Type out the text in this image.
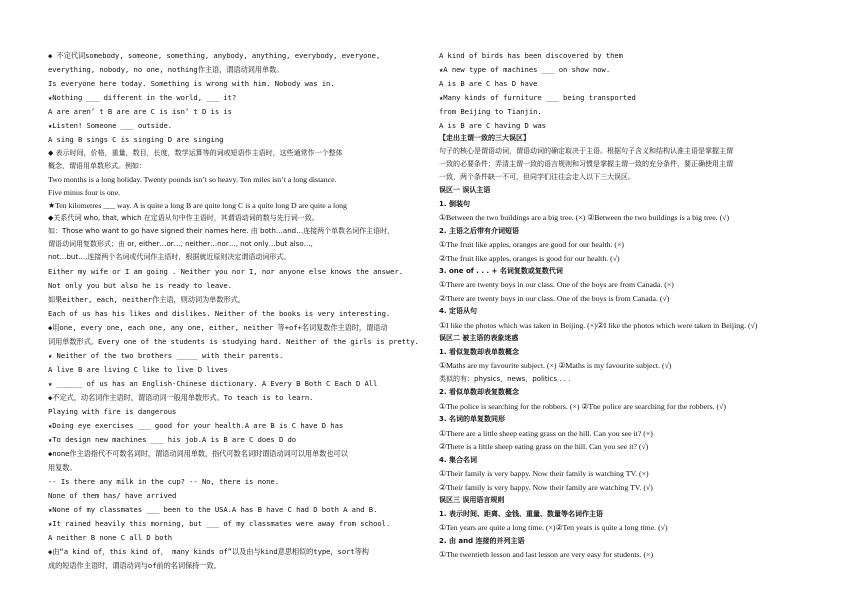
◆ 不定代词somebody, someone, something, anybody, anything, everybody, everyone,
everything, nobody, no one, nothing作主语，谓语动词用单数。
Is everyone here today. Something is wrong with him. Nobody was in.
★Nothing ___ different in the world, ___ it?
A are aren’ t B are are C is isn’ t D is is
★Listen! Someone ___ outside.
A sing B sings C is singing D are singing
◆ 表示时间，价格，重量，数目，长度，数学运算等的词或短语作主语时，这些通常作一个整体
概念，谓语用单数形式。例如：
Two months is a long holiday. Twenty pounds isn’t so heavy. Ten miles isn’t a long distance.
Five minus four is one.
★Ten kilometres ___ way. A is quite a long B are quite long C is a quite long D are quite a long
◆关系代词 who, that, which 在定语从句中作主语时，其谓语动词的数与先行词一致。
如：Those who want to go have signed their names here. 由 both…and…连接两个单数名词作主语时，
谓语动词用复数形式；由 or, either…or…, neither…nor…, not only…but also…,
not…but…,连接两个名词或代词作主语时，根据就近原则决定谓语动词形式。
Either my wife or I am going . Neither you nor I, nor anyone else knows the answer.
Not only you but also he is ready to leave.
如果either, each, neither作主语，则动词为单数形式。
Each of us has his likes and dislikes. Neither of the books is very interesting.
◆用one, every one, each one, any one, either, neither 等+of+名词复数作主语时，谓语动
词用单数形式。Every one of the students is studying hard. Neither of the girls is pretty.
★ Neither of the two brothers _____ with their parents.
A live B are living C like to live D lives
★ ______ of us has an English-Chinese dictionary. A Every B Both C Each D All
◆不定式，动名词作主语时，谓语动词一般用单数形式。To teach is to learn.
Playing with fire is dangerous
★Doing eye exercises ___ good for your health.A are B is C have D has
★To design new machines ___ his job.A is B are C does D do
◆none作主语指代不可数名词时，谓语动词用单数，指代可数名词时谓语动词可以用单数也可以
用复数。
-- Is there any milk in the cup? -- No, there is none.
None of them has/ have arrived
★None of my classmates ___ been to the USA.A has B have C had D both A and B.
★It rained heavily this morning, but ___ of my classmates were away from school.
A neither B none C all D both
◆由“a kind of，this kind of， many kinds of”以及由与kind意思相似的type，sort等构
成的短语作主语时，谓语动词与of前的名词保持一致。
A kind of birds has been discovered by them
★A new type of machines ___ on show now.
A is B are C has D have
★Many kinds of furniture ___ being transported
from Beijing to Tianjin.
A is B are C having D was
【走出主谓一致的三大误区】
句子的核心是谓语动词，谓语动词的确定取决于主语。根据句子含义和结构认准主语是掌握主谓
一致的必要条件；弄清主谓一致的语言规则和习惯是掌握主谓一致的充分条件，要正确使用主谓
一致，两个条件缺一不可，但同学们往往会走入以下三大误区。
误区一 误认主语
1. 倒装句
①Between the two buildings are a big tree. (×) ②Between the two buildings is a big tree. (√)
2. 主语之后带有介词短语
①The fruit like apples, oranges are good for our health. (×)
②The fruit like apples, oranges is good for our health. (√)
3. one of . . . + 名词复数或复数代词
①There are twenty boys in our class. One of the boys are from Canada. (×)
②There are twenty boys in our class. One of the boys is from Canada. (√)
4. 定语从句
①I like the photos which was taken in Beijing. (×)②I like the photos which were taken in Beijing. (√)
误区二 被主语的表象迷惑
1. 看似复数却表单数概念
①Maths are my favourite subject. (×) ②Maths is my favourite subject. (√)
类似的有：physics，news，politics . . .
2. 看似单数却表复数概念
①The police is searching for the robbers. (×) ②The police are searching for the robbers. (√)
3. 名词的单复数同形
①There are a little sheep eating grass on the hill. Can you see it? (×)
②There is a little sheep eating grass on the hill. Can you see it? (√)
4. 集合名词
①Their family is very happy. Now their family is watching TV. (×)
②Their family is very happy. Now their family are watching TV. (√)
误区三 误用语言规则
1. 表示时间、距离、金钱、重量、数量等名词作主语
①Ten years are quite a long time. (×)②Ten years is quite a long time. (√)
2. 由 and 连接的并列主语
①The twentieth lesson and last lesson are very easy for students. (×)
